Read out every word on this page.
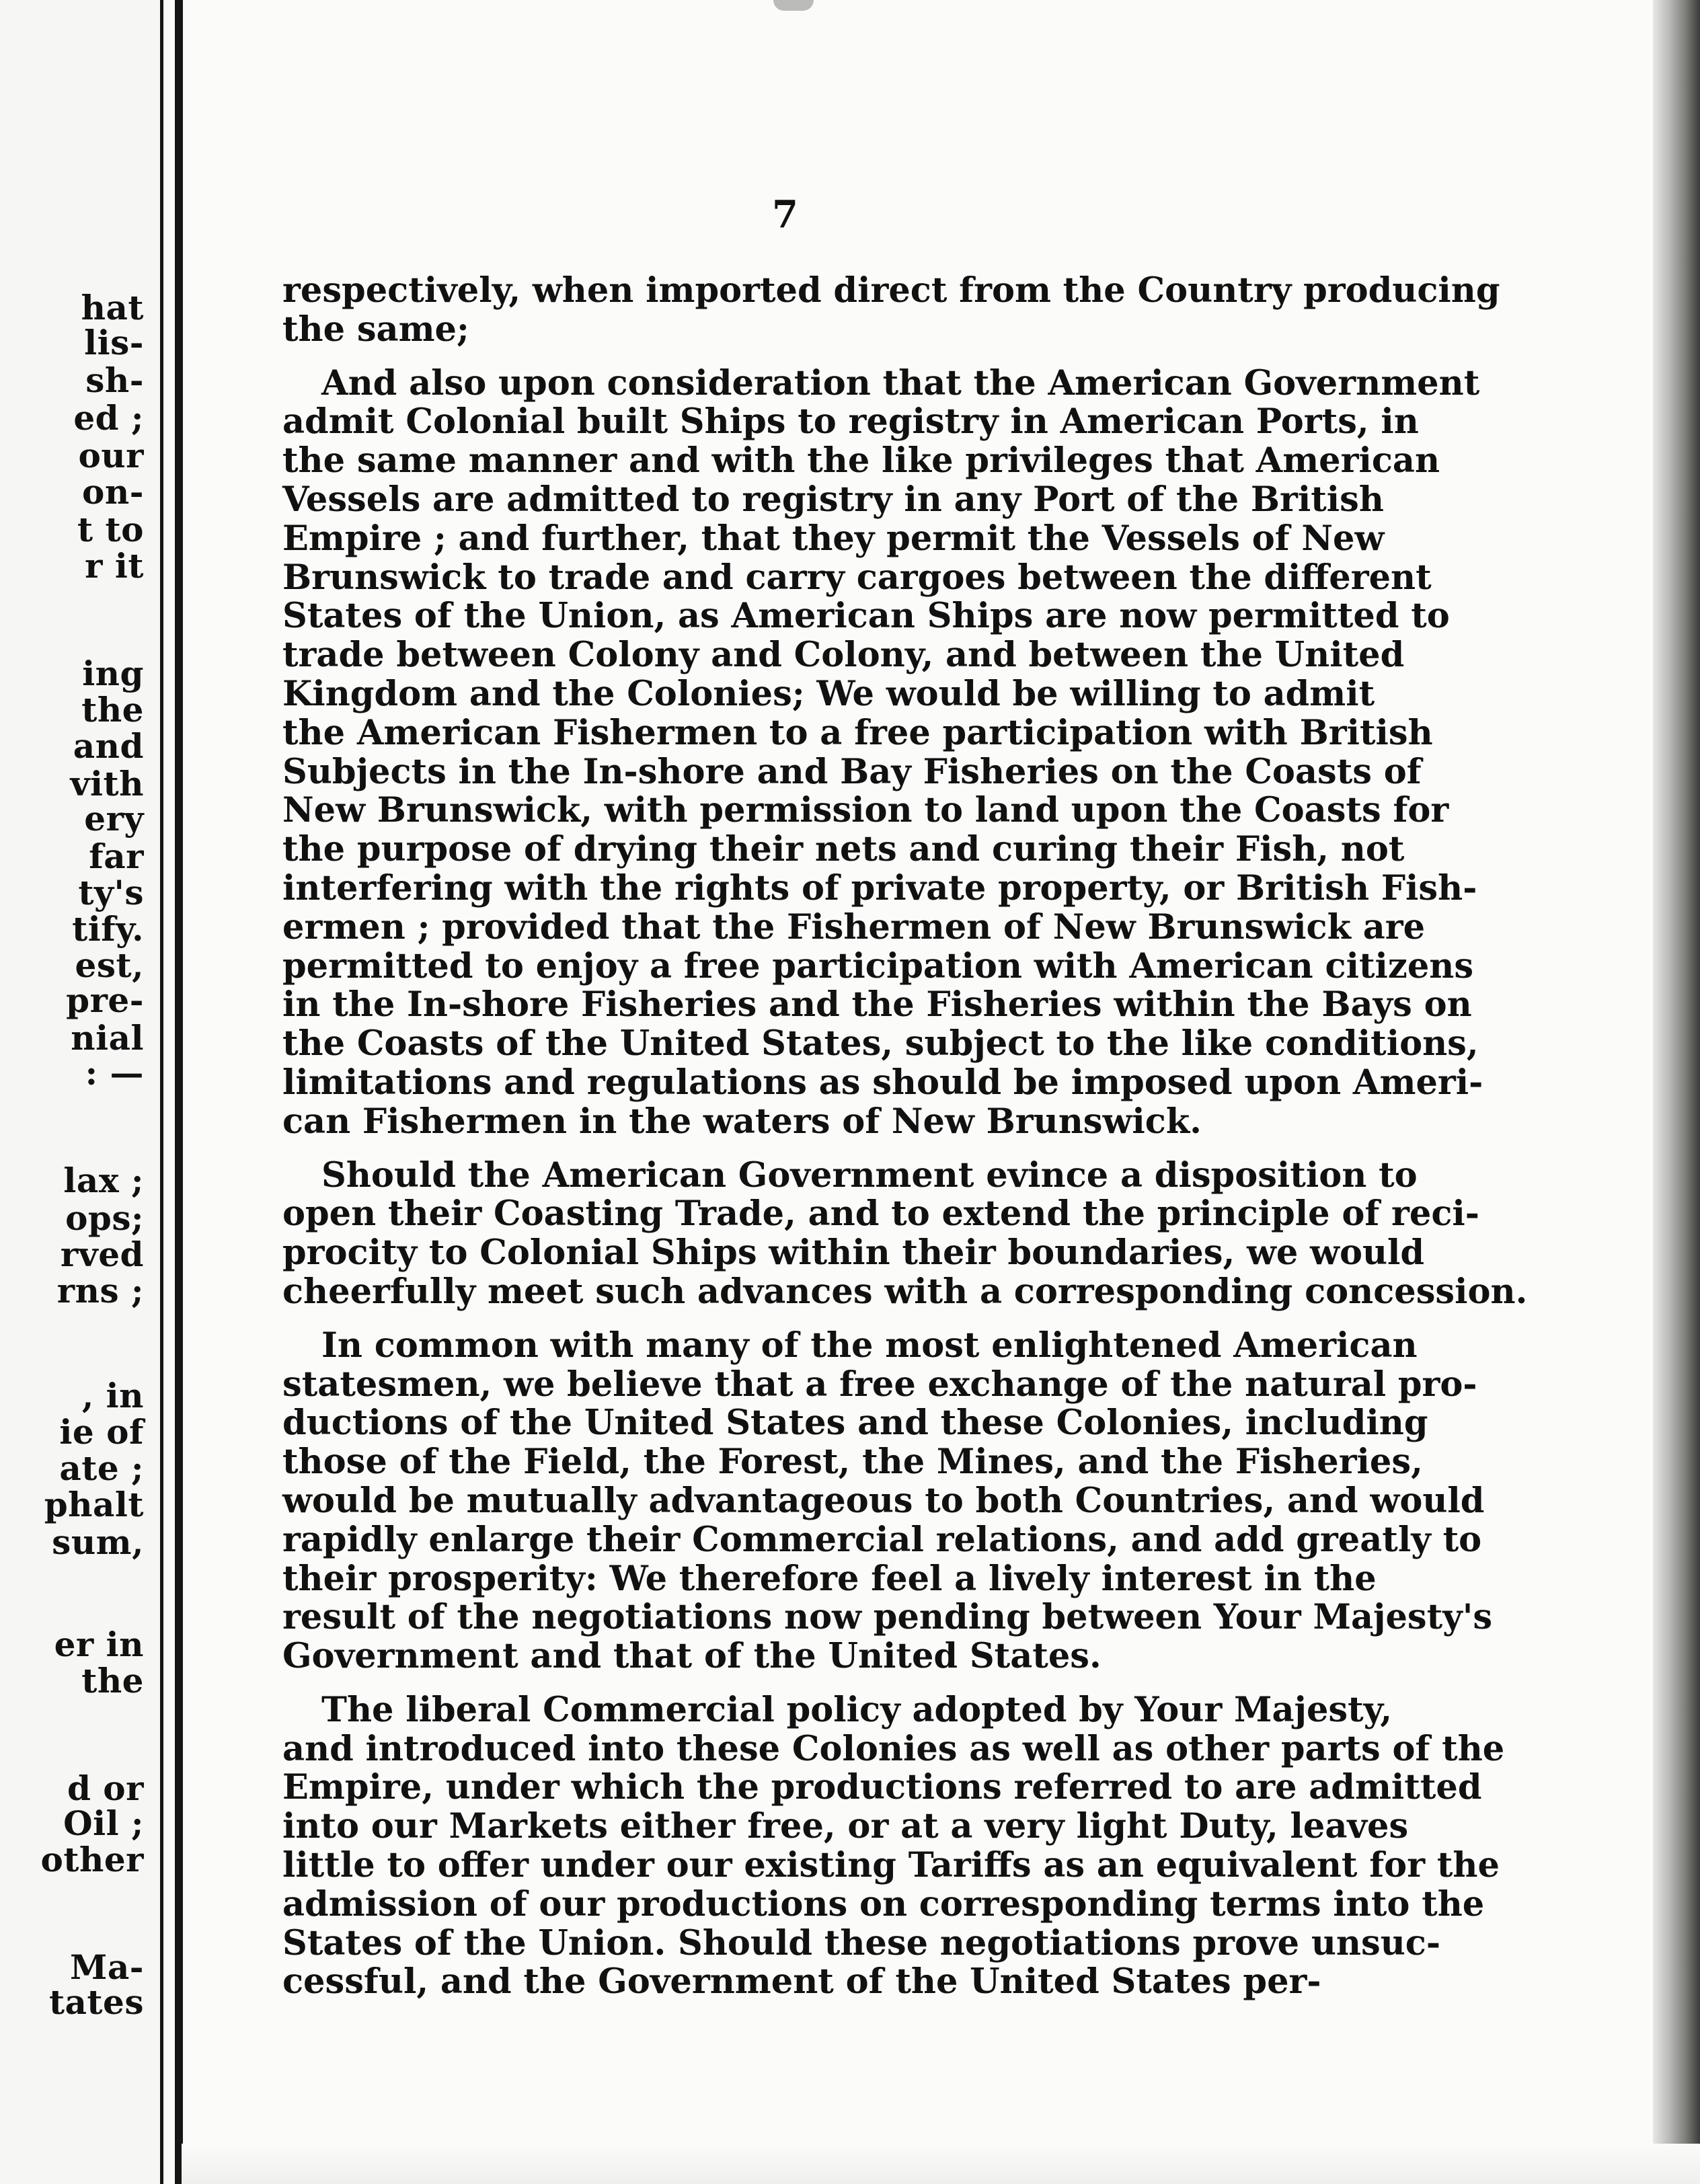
hat
lis-
sh-
ed ;
our
on-
t to
r it
ing
the
and
vith
ery
far
ty's
tify.
est,
pre-
nial
: —
lax ;
ops;
rved
rns ;
, in
ie of
ate ;
phalt
sum,
er in
the
d or
Oil ;
other
Ma-
tates
7
respectively, when imported direct from the Country producing
the same;
And also upon consideration that the American Government
admit Colonial built Ships to registry in American Ports, in
the same manner and with the like privileges that American
Vessels are admitted to registry in any Port of the British
Empire ; and further, that they permit the Vessels of New
Brunswick to trade and carry cargoes between the different
States of the Union, as American Ships are now permitted to
trade between Colony and Colony, and between the United
Kingdom and the Colonies; We would be willing to admit
the American Fishermen to a free participation with British
Subjects in the In-shore and Bay Fisheries on the Coasts of
New Brunswick, with permission to land upon the Coasts for
the purpose of drying their nets and curing their Fish, not
interfering with the rights of private property, or British Fish-
ermen ; provided that the Fishermen of New Brunswick are
permitted to enjoy a free participation with American citizens
in the In-shore Fisheries and the Fisheries within the Bays on
the Coasts of the United States, subject to the like conditions,
limitations and regulations as should be imposed upon Ameri-
can Fishermen in the waters of New Brunswick.
Should the American Government evince a disposition to
open their Coasting Trade, and to extend the principle of reci-
procity to Colonial Ships within their boundaries, we would
cheerfully meet such advances with a corresponding concession.
In common with many of the most enlightened American
statesmen, we believe that a free exchange of the natural pro-
ductions of the United States and these Colonies, including
those of the Field, the Forest, the Mines, and the Fisheries,
would be mutually advantageous to both Countries, and would
rapidly enlarge their Commercial relations, and add greatly to
their prosperity: We therefore feel a lively interest in the
result of the negotiations now pending between Your Majesty's
Government and that of the United States.
The liberal Commercial policy adopted by Your Majesty,
and introduced into these Colonies as well as other parts of the
Empire, under which the productions referred to are admitted
into our Markets either free, or at a very light Duty, leaves
little to offer under our existing Tariffs as an equivalent for the
admission of our productions on corresponding terms into the
States of the Union. Should these negotiations prove unsuc-
cessful, and the Government of the United States per-
